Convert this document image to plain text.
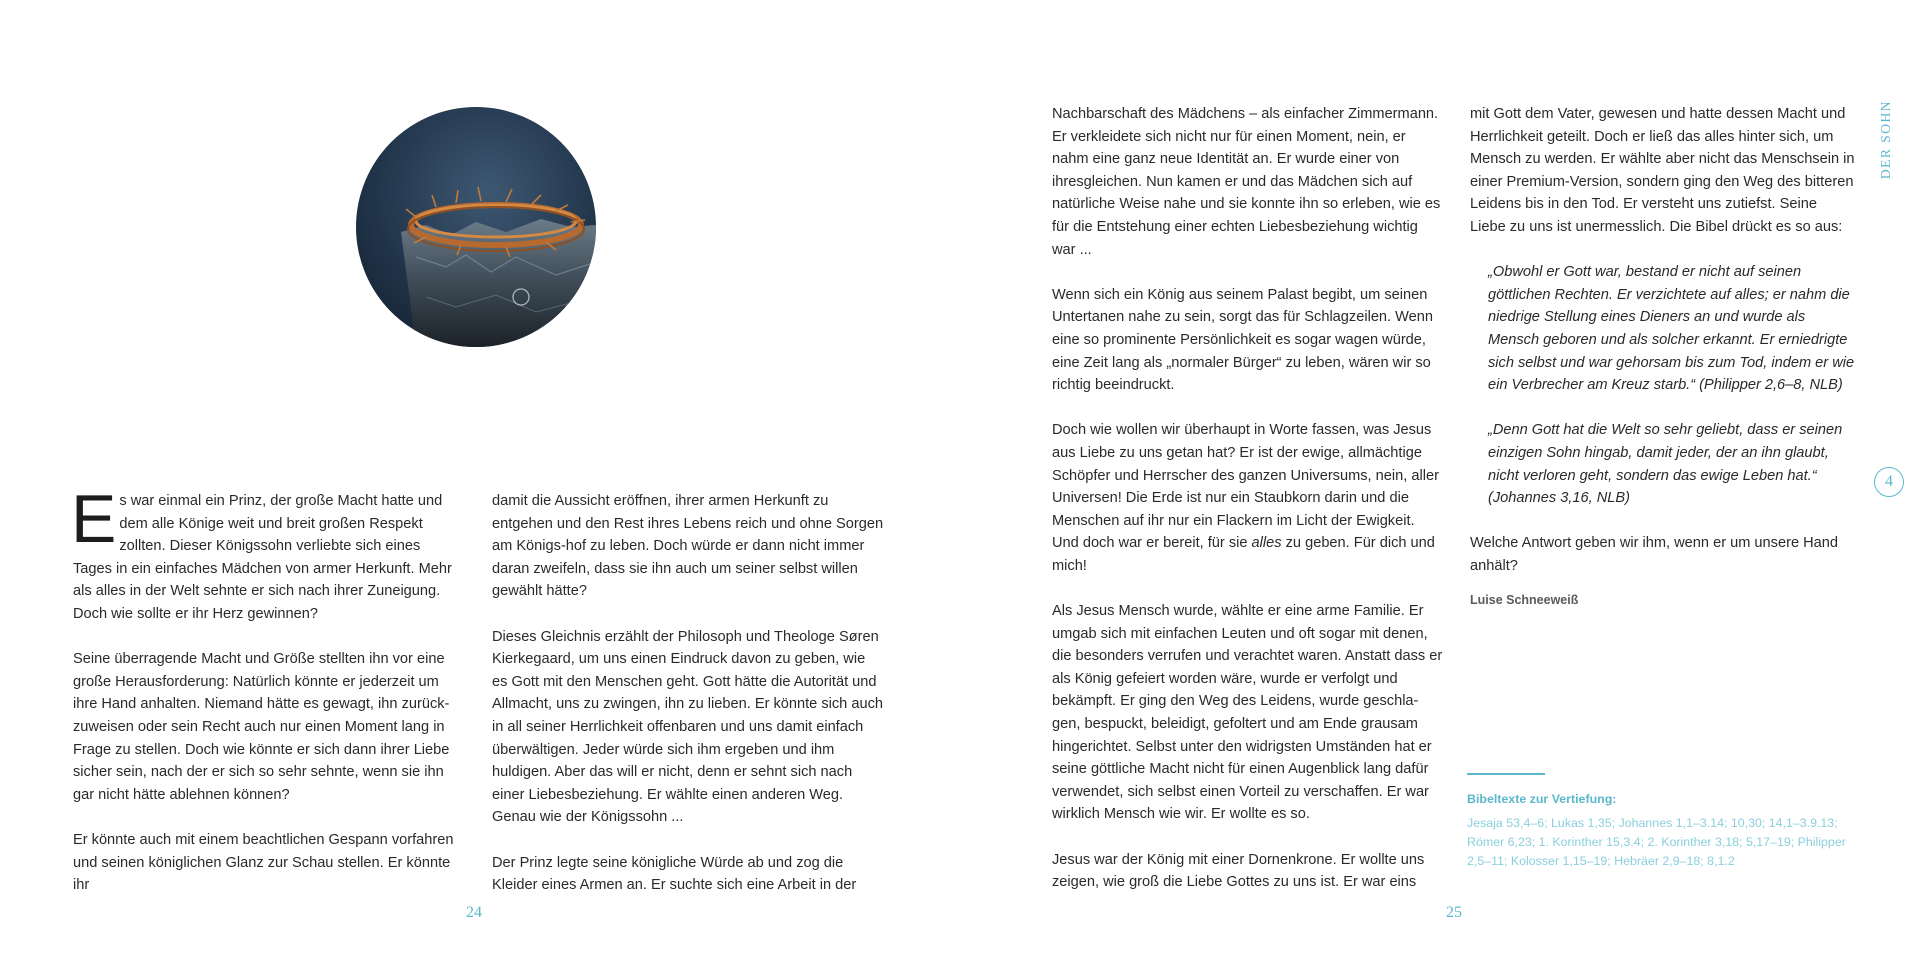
E s war einmal ein Prinz, der große Macht hatte und dem alle Könige weit und breit großen Respekt zollten. Dieser Königssohn verliebte sich eines Tages in ein einfaches Mädchen von armer Herkunft. Mehr als alles in der Welt sehnte er sich nach ihrer Zuneigung. Doch wie sollte er ihr Herz gewinnen?

Seine überragende Macht und Größe stellten ihn vor eine große Herausforderung: Natürlich könnte er jederzeit um ihre Hand anhalten. Niemand hätte es gewagt, ihn zurück-zuweisen oder sein Recht auch nur einen Moment lang in Frage zu stellen. Doch wie könnte er sich dann ihrer Liebe sicher sein, nach der er sich so sehr sehnte, wenn sie ihn gar nicht hätte ablehnen können?

Er könnte auch mit einem beachtlichen Gespann vorfahren und seinen königlichen Glanz zur Schau stellen. Er könnte ihr

damit die Aussicht eröffnen, ihrer armen Herkunft zu entgehen und den Rest ihres Lebens reich und ohne Sorgen am Königs-hof zu leben. Doch würde er dann nicht immer daran zweifeln, dass sie ihn auch um seiner selbst willen gewählt hätte?

Dieses Gleichnis erzählt der Philosoph und Theologe Søren Kierkegaard, um uns einen Eindruck davon zu geben, wie es Gott mit den Menschen geht. Gott hätte die Autorität und Allmacht, uns zu zwingen, ihn zu lieben. Er könnte sich auch in all seiner Herrlichkeit offenbaren und uns damit einfach überwältigen. Jeder würde sich ihm ergeben und ihm huldigen. Aber das will er nicht, denn er sehnt sich nach einer Liebesbeziehung. Er wählte einen anderen Weg. Genau wie der Königssohn ...

Der Prinz legte seine königliche Würde ab und zog die Kleider eines Armen an. Er suchte sich eine Arbeit in der

24

Nachbarschaft des Mädchens – als einfacher Zimmermann. Er verkleidete sich nicht nur für einen Moment, nein, er nahm eine ganz neue Identität an. Er wurde einer von ihresgleichen. Nun kamen er und das Mädchen sich auf natürliche Weise nahe und sie konnte ihn so erleben, wie es für die Entstehung einer echten Liebesbeziehung wichtig war ...

Wenn sich ein König aus seinem Palast begibt, um seinen Untertanen nahe zu sein, sorgt das für Schlagzeilen. Wenn eine so prominente Persönlichkeit es sogar wagen würde, eine Zeit lang als „normaler Bürger“ zu leben, wären wir so richtig beeindruckt.

Doch wie wollen wir überhaupt in Worte fassen, was Jesus aus Liebe zu uns getan hat? Er ist der ewige, allmächtige Schöpfer und Herrscher des ganzen Universums, nein, aller Universen! Die Erde ist nur ein Staubkorn darin und die Menschen auf ihr nur ein Flackern im Licht der Ewigkeit. Und doch war er bereit, für sie alles zu geben. Für dich und mich!

Als Jesus Mensch wurde, wählte er eine arme Familie. Er umgab sich mit einfachen Leuten und oft sogar mit denen, die besonders verrufen und verachtet waren. Anstatt dass er als König gefeiert worden wäre, wurde er verfolgt und bekämpft. Er ging den Weg des Leidens, wurde geschla-gen, bespuckt, beleidigt, gefoltert und am Ende grausam hingerichtet. Selbst unter den widrigsten Umständen hat er seine göttliche Macht nicht für einen Augenblick lang dafür verwendet, sich selbst einen Vorteil zu verschaffen. Er war wirklich Mensch wie wir. Er wollte es so.

Jesus war der König mit einer Dornenkrone. Er wollte uns zeigen, wie groß die Liebe Gottes zu uns ist. Er war eins

mit Gott dem Vater, gewesen und hatte dessen Macht und Herrlichkeit geteilt. Doch er ließ das alles hinter sich, um Mensch zu werden. Er wählte aber nicht das Menschsein in einer Premium-Version, sondern ging den Weg des bitteren Leidens bis in den Tod. Er versteht uns zutiefst. Seine Liebe zu uns ist unermesslich. Die Bibel drückt es so aus:

„Obwohl er Gott war, bestand er nicht auf seinen göttlichen Rechten. Er verzichtete auf alles; er nahm die niedrige Stellung eines Dieners an und wurde als Mensch geboren und als solcher erkannt. Er erniedrigte sich selbst und war gehorsam bis zum Tod, indem er wie ein Verbrecher am Kreuz starb.“ (Philipper 2,6–8, NLB)

„Denn Gott hat die Welt so sehr geliebt, dass er seinen einzigen Sohn hingab, damit jeder, der an ihn glaubt, nicht verloren geht, sondern das ewige Leben hat.“ (Johannes 3,16, NLB)

Welche Antwort geben wir ihm, wenn er um unsere Hand anhält?

Luise Schneeweiß
Bibeltexte zur Vertiefung:
Jesaja 53,4–6; Lukas 1,35; Johannes 1,1–3.14; 10,30; 14,1–3.9.13; Römer 6,23; 1. Korinther 15,3.4; 2. Korinther 3,18; 5,17–19; Philipper 2,5–11; Kolosser 1,15–19; Hebräer 2,9–18; 8,1.2
DER SOHN
4
25
